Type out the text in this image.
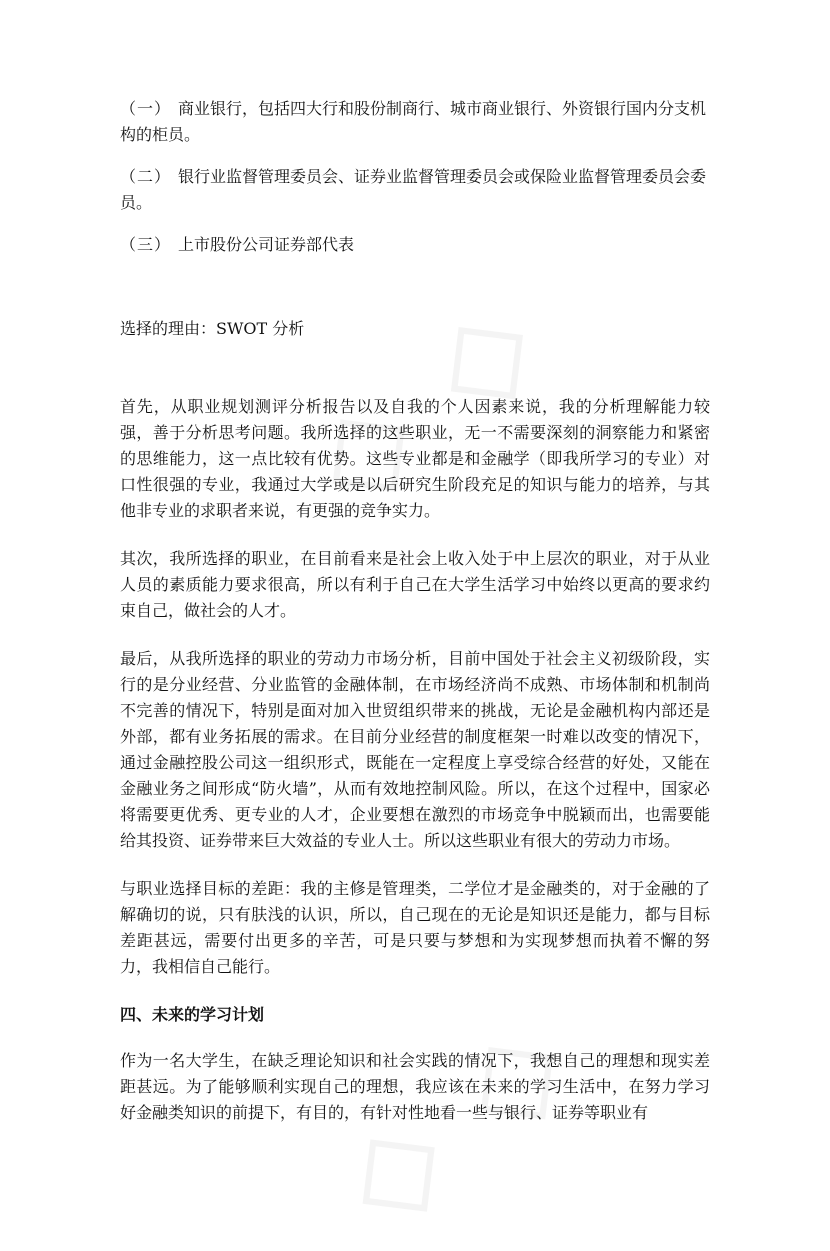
（一） 商业银行，包括四大行和股份制商行、城市商业银行、外资银行国内分支机构的柜员。

（二） 银行业监督管理委员会、证券业监督管理委员会或保险业监督管理委员会委员。

（三） 上市股份公司证券部代表

选择的理由：SWOT 分析

首先，从职业规划测评分析报告以及自我的个人因素来说，我的分析理解能力较强，善于分析思考问题。我所选择的这些职业，无一不需要深刻的洞察能力和紧密的思维能力，这一点比较有优势。这些专业都是和金融学（即我所学习的专业）对口性很强的专业，我通过大学或是以后研究生阶段充足的知识与能力的培养，与其他非专业的求职者来说，有更强的竞争实力。

其次，我所选择的职业，在目前看来是社会上收入处于中上层次的职业，对于从业人员的素质能力要求很高，所以有利于自己在大学生活学习中始终以更高的要求约束自己，做社会的人才。

最后，从我所选择的职业的劳动力市场分析，目前中国处于社会主义初级阶段，实行的是分业经营、分业监管的金融体制，在市场经济尚不成熟、市场体制和机制尚不完善的情况下，特别是面对加入世贸组织带来的挑战，无论是金融机构内部还是外部，都有业务拓展的需求。在目前分业经营的制度框架一时难以改变的情况下，通过金融控股公司这一组织形式，既能在一定程度上享受综合经营的好处，又能在金融业务之间形成“防火墙”，从而有效地控制风险。所以，在这个过程中，国家必将需要更优秀、更专业的人才，企业要想在激烈的市场竞争中脱颖而出，也需要能给其投资、证券带来巨大效益的专业人士。所以这些职业有很大的劳动力市场。

与职业选择目标的差距：我的主修是管理类，二学位才是金融类的，对于金融的了解确切的说，只有肤浅的认识，所以，自己现在的无论是知识还是能力，都与目标差距甚远，需要付出更多的辛苦，可是只要与梦想和为实现梦想而执着不懈的努力，我相信自己能行。

四、未来的学习计划

作为一名大学生，在缺乏理论知识和社会实践的情况下，我想自己的理想和现实差距甚远。为了能够顺利实现自己的理想，我应该在未来的学习生活中，在努力学习好金融类知识的前提下，有目的，有针对性地看一些与银行、证券等职业有
